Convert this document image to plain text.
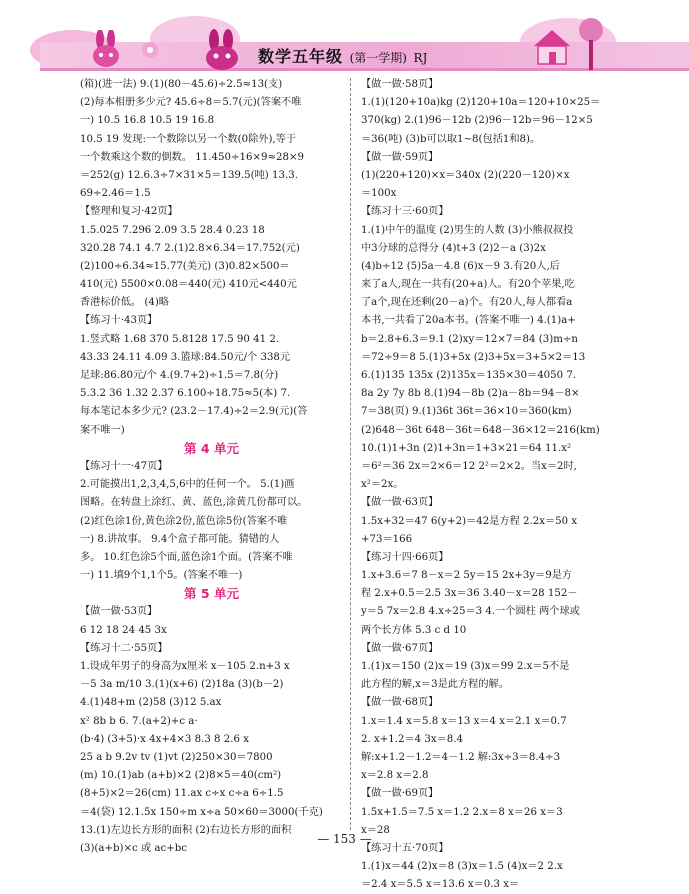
数学五年级 (第一学期) RJ
(箱)(进一法) 9.(1)(80－45.6)÷2.5≈13(支)
(2)每本相册多少元? 45.6÷8＝5.7(元)(答案不唯
一) 10.5 16.8 10.5 19 16.8
10.5 19 发现:一个数除以另一个数(0除外),等于
一个数乘这个数的倒数。 11.450÷16×9≈28×9
＝252(g) 12.6.3÷7×31×5＝139.5(吨) 13.3.
69÷2.46＝1.5
【整理和复习·42页】
1.5.025 7.296 2.09 3.5 28.4 0.23 18
320.28 74.1 4.7 2.(1)2.8×6.34＝17.752(元)
(2)100÷6.34≈15.77(美元) (3)0.82×500＝
410(元) 5500×0.08＝440(元) 410元<440元
香港标价低。 (4)略
【练习十·43页】
1.竖式略 1.68 370 5.8128 17.5 90 41 2.
43.33 24.11 4.09 3.篮球:84.50元/个 338元
足球:86.80元/个 4.(9.7+2)÷1.5＝7.8(分)
5.3.2 36 1.32 2.37 6.100÷18.75≈5(本) 7.
每本笔记本多少元? (23.2－17.4)÷2＝2.9(元)(答
案不唯一)
第 4 单元
【练习十一·47页】
2.可能摸出1,2,3,4,5,6中的任何一个。 5.(1)画
图略。在转盘上涂红、黄、蓝色,涂黄几份都可以。
(2)红色涂1份,黄色涂2份,蓝色涂5份(答案不唯
一) 8.讲故事。 9.4个盒子都可能。猜错的人
多。 10.红色涂5个面,蓝色涂1个面。(答案不唯
一) 11.填9个1,1个5。(答案不唯一)
第 5 单元
【做一做·53页】
6 12 18 24 45 3x
【练习十二·55页】
1.设成年男子的身高为x厘米 x－105 2.n+3 x
－5 3a m/10 3.(1)(x+6) (2)18a (3)(b－2)
4.(1)48+m (2)58 (3)12 5.ax
x² 8b b 6. 7.(a+2)+c a·
(b·4) (3+5)·x 4x+4×3 8.3 8 2.6 x
25 a b 9.2v tv (1)vt (2)250×30＝7800
(m) 10.(1)ab (a+b)×2 (2)8×5＝40(cm²)
(8+5)×2＝26(cm) 11.ax c÷x c÷a 6÷1.5
＝4(袋) 12.1.5x 150÷m x÷a 50×60＝3000(千克)
13.(1)左边长方形的面积 (2)右边长方形的面积
(3)(a+b)×c 或 ac+bc
【做一做·58页】
1.(1)(120+10a)kg (2)120+10a＝120+10×25＝
370(kg) 2.(1)96－12b (2)96－12b＝96－12×5
＝36(吨) (3)b可以取1~8(包括1和8)。
【做一做·59页】
(1)(220+120)×x＝340x (2)(220－120)×x
＝100x
【练习十三·60页】
1.(1)中午的温度 (2)男生的人数 (3)小熊叔叔投
中3分球的总得分 (4)t+3 (2)2－a (3)2x
(4)b÷12 (5)5a－4.8 (6)x－9 3.有20人,后
来了a人,现在一共有(20+a)人。有20个苹果,吃
了a个,现在还剩(20－a)个。有20人,每人都看a
本书,一共看了20a本书。(答案不唯一) 4.(1)a+
b＝2.8+6.3＝9.1 (2)xy＝12×7＝84 (3)m÷n
＝72÷9＝8 5.(1)3+5x (2)3+5x＝3+5×2＝13
6.(1)135 135x (2)135x＝135×30＝4050 7.
8a 2y 7y 8b 8.(1)94－8b (2)a－8b＝94－8×
7＝38(页) 9.(1)36t 36t＝36×10＝360(km)
(2)648－36t 648－36t＝648－36×12＝216(km)
10.(1)1+3n (2)1+3n＝1+3×21＝64 11.x²
＝6²＝36 2x＝2×6＝12 2²＝2×2。当x＝2时,
x²＝2x。
【做一做·63页】
1.5x+32＝47 6(y+2)＝42是方程 2.2x＝50 x
+73＝166
【练习十四·66页】
1.x+3.6＝7 8－x＝2 5y＝15 2x+3y＝9是方
程 2.x+0.5＝2.5 3x＝36 3.40－x＝28 152－
y＝5 7x＝2.8 4.x÷25＝3 4.一个圆柱 两个球或
两个长方体 5.3 c d 10
【做一做·67页】
1.(1)x＝150 (2)x＝19 (3)x＝99 2.x＝5不是
此方程的解,x＝3是此方程的解。
【做一做·68页】
1.x＝1.4 x＝5.8 x＝13 x＝4 x＝2.1 x＝0.7
2. x+1.2＝4 3x＝8.4
解:x+1.2－1.2＝4－1.2 解:3x÷3＝8.4÷3
x＝2.8 x＝2.8
【做一做·69页】
1.5x+1.5＝7.5 x＝1.2 2.x＝8 x＝26 x＝3
x＝28
【练习十五·70页】
1.(1)x＝44 (2)x＝8 (3)x＝1.5 (4)x＝2 2.x
＝2.4 x＝5.5 x＝13.6 x＝0.3 x＝
— 153 —
